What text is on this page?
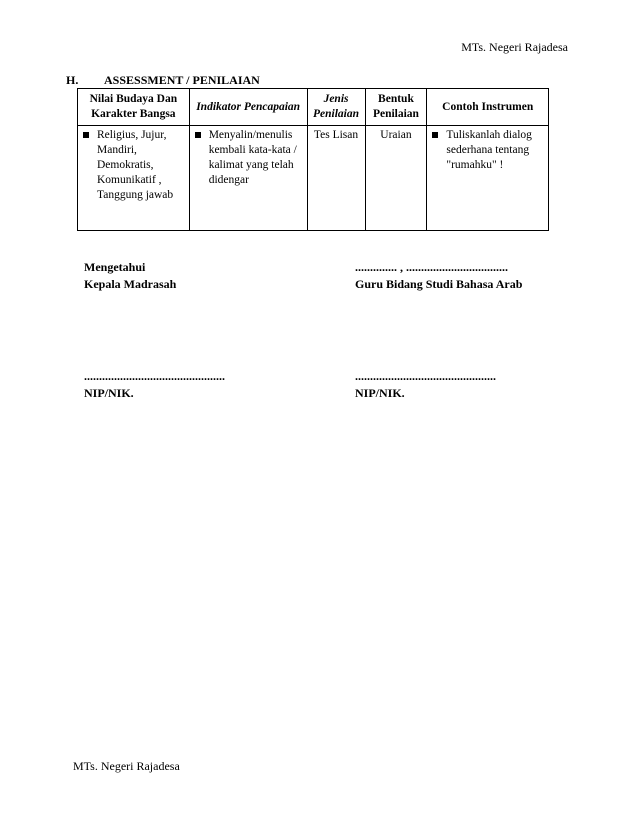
MTs. Negeri Rajadesa
H. ASSESSMENT / PENILAIAN
Nilai Budaya Dan Karakter Bangsa	Indikator Pencapaian	Jenis Penilaian	Bentuk Penilaian	Contoh Instrumen

Religius, Jujur, Mandiri, Demokratis, Komunikatif , Tanggung jawab	Menyalin/menulis kembali kata-kata / kalimat yang telah didengar	Tes Lisan	Uraian	Tuliskanlah dialog sederhana tentang "rumahku" !
Mengetahui
Kepala Madrasah
.............. , ..................................
Guru Bidang Studi Bahasa Arab
...............................................
NIP/NIK.
...............................................
NIP/NIK.
MTs. Negeri Rajadesa
